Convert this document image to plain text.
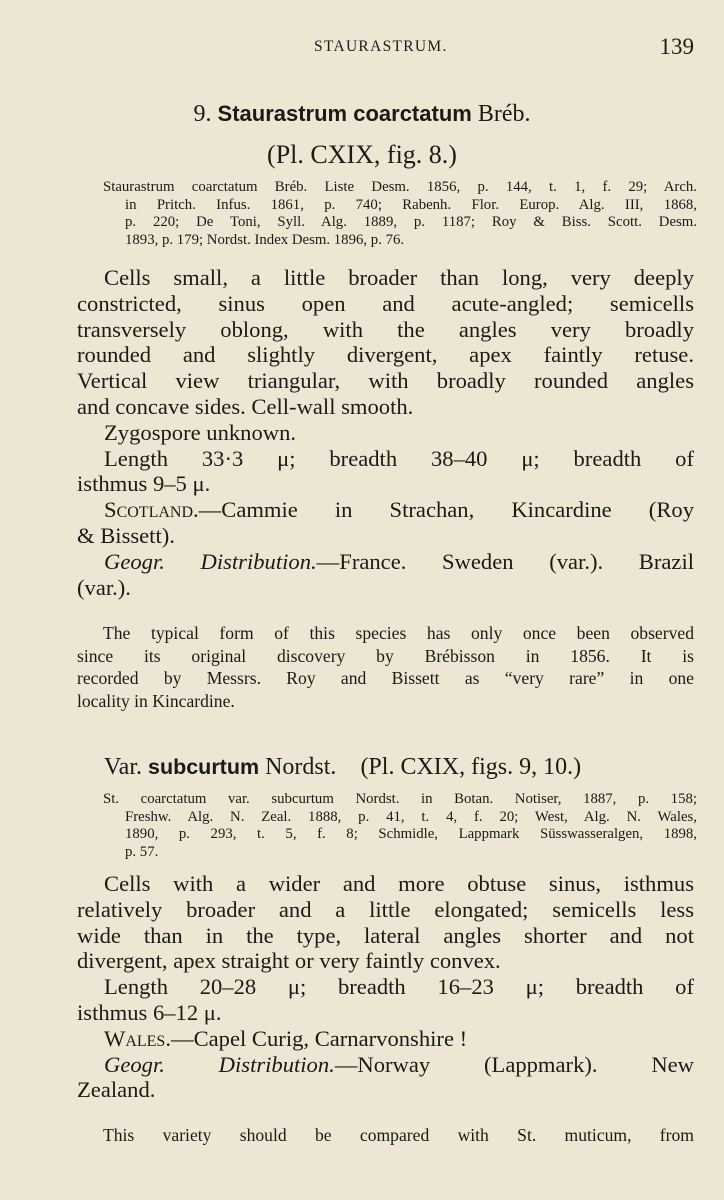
STAURASTRUM.	139
9. Staurastrum coarctatum Bréb.
(Pl. CXIX, fig. 8.)
Staurastrum coarctatum Bréb. Liste Desm. 1856, p. 144, t. 1, f. 29; Arch.
in Pritch. Infus. 1861, p. 740; Rabenh. Flor. Europ. Alg. III, 1868,
p. 220; De Toni, Syll. Alg. 1889, p. 1187; Roy & Biss. Scott. Desm.
1893, p. 179; Nordst. Index Desm. 1896, p. 76.
Cells small, a little broader than long, very deeply
constricted, sinus open and acute-angled; semicells
transversely oblong, with the angles very broadly
rounded and slightly divergent, apex faintly retuse.
Vertical view triangular, with broadly rounded angles
and concave sides. Cell-wall smooth.
Zygospore unknown.
Length 33·3 μ; breadth 38–40 μ; breadth of
isthmus 9–5 μ.
Scotland.—Cammie in Strachan, Kincardine (Roy
& Bissett).
Geogr. Distribution.—France. Sweden (var.). Brazil
(var.).
The typical form of this species has only once been observed
since its original discovery by Brébisson in 1856. It is
recorded by Messrs. Roy and Bissett as “very rare” in one
locality in Kincardine.
Var. subcurtum Nordst. (Pl. CXIX, figs. 9, 10.)
St. coarctatum var. subcurtum Nordst. in Botan. Notiser, 1887, p. 158;
Freshw. Alg. N. Zeal. 1888, p. 41, t. 4, f. 20; West, Alg. N. Wales,
1890, p. 293, t. 5, f. 8; Schmidle, Lappmark Süsswasseralgen, 1898,
p. 57.
Cells with a wider and more obtuse sinus, isthmus
relatively broader and a little elongated; semicells less
wide than in the type, lateral angles shorter and not
divergent, apex straight or very faintly convex.
Length 20–28 μ; breadth 16–23 μ; breadth of
isthmus 6–12 μ.
Wales.—Capel Curig, Carnarvonshire !
Geogr. Distribution.—Norway (Lappmark). New
Zealand.
This variety should be compared with St. muticum, from
